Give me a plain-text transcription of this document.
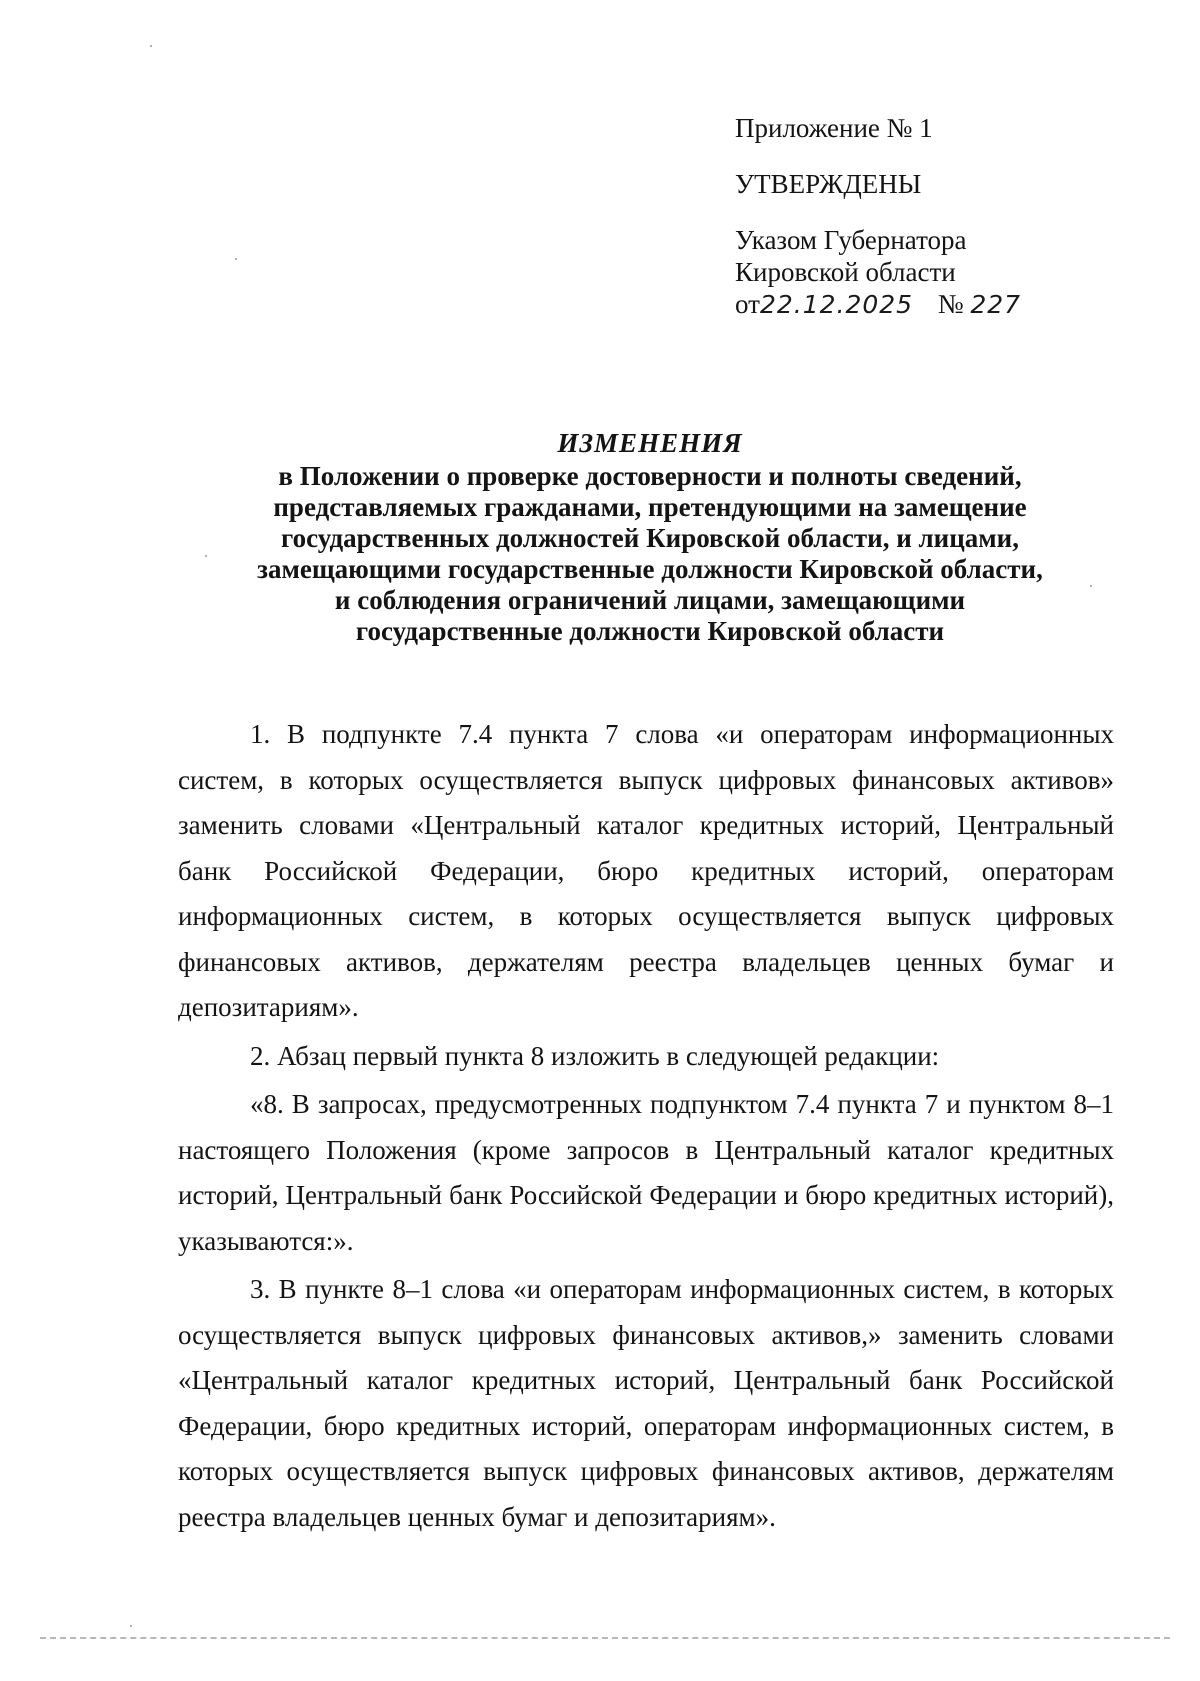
Приложение № 1
УТВЕРЖДЕНЫ
Указом Губернатора
Кировской области
от22.12.2025 № 227
ИЗМЕНЕНИЯ
в Положении о проверке достоверности и полноты сведений,
представляемых гражданами, претендующими на замещение
государственных должностей Кировской области, и лицами,
замещающими государственные должности Кировской области,
и соблюдения ограничений лицами, замещающими
государственные должности Кировской области

1. В подпункте 7.4 пункта 7 слова «и операторам информационных систем, в которых осуществляется выпуск цифровых финансовых активов» заменить словами «Центральный каталог кредитных историй, Центральный банк Российской Федерации, бюро кредитных историй, операторам информационных систем, в которых осуществляется выпуск цифровых финансовых активов, держателям реестра владельцев ценных бумаг и депозитариям».

2. Абзац первый пункта 8 изложить в следующей редакции:

«8. В запросах, предусмотренных подпунктом 7.4 пункта 7 и пунктом 8–1 настоящего Положения (кроме запросов в Центральный каталог кредитных историй, Центральный банк Российской Федерации и бюро кредитных историй), указываются:».

3. В пункте 8–1 слова «и операторам информационных систем, в которых осуществляется выпуск цифровых финансовых активов,» заменить словами «Центральный каталог кредитных историй, Центральный банк Российской Федерации, бюро кредитных историй, операторам информационных систем, в которых осуществляется выпуск цифровых финансовых активов, держателям реестра владельцев ценных бумаг и депозитариям».
